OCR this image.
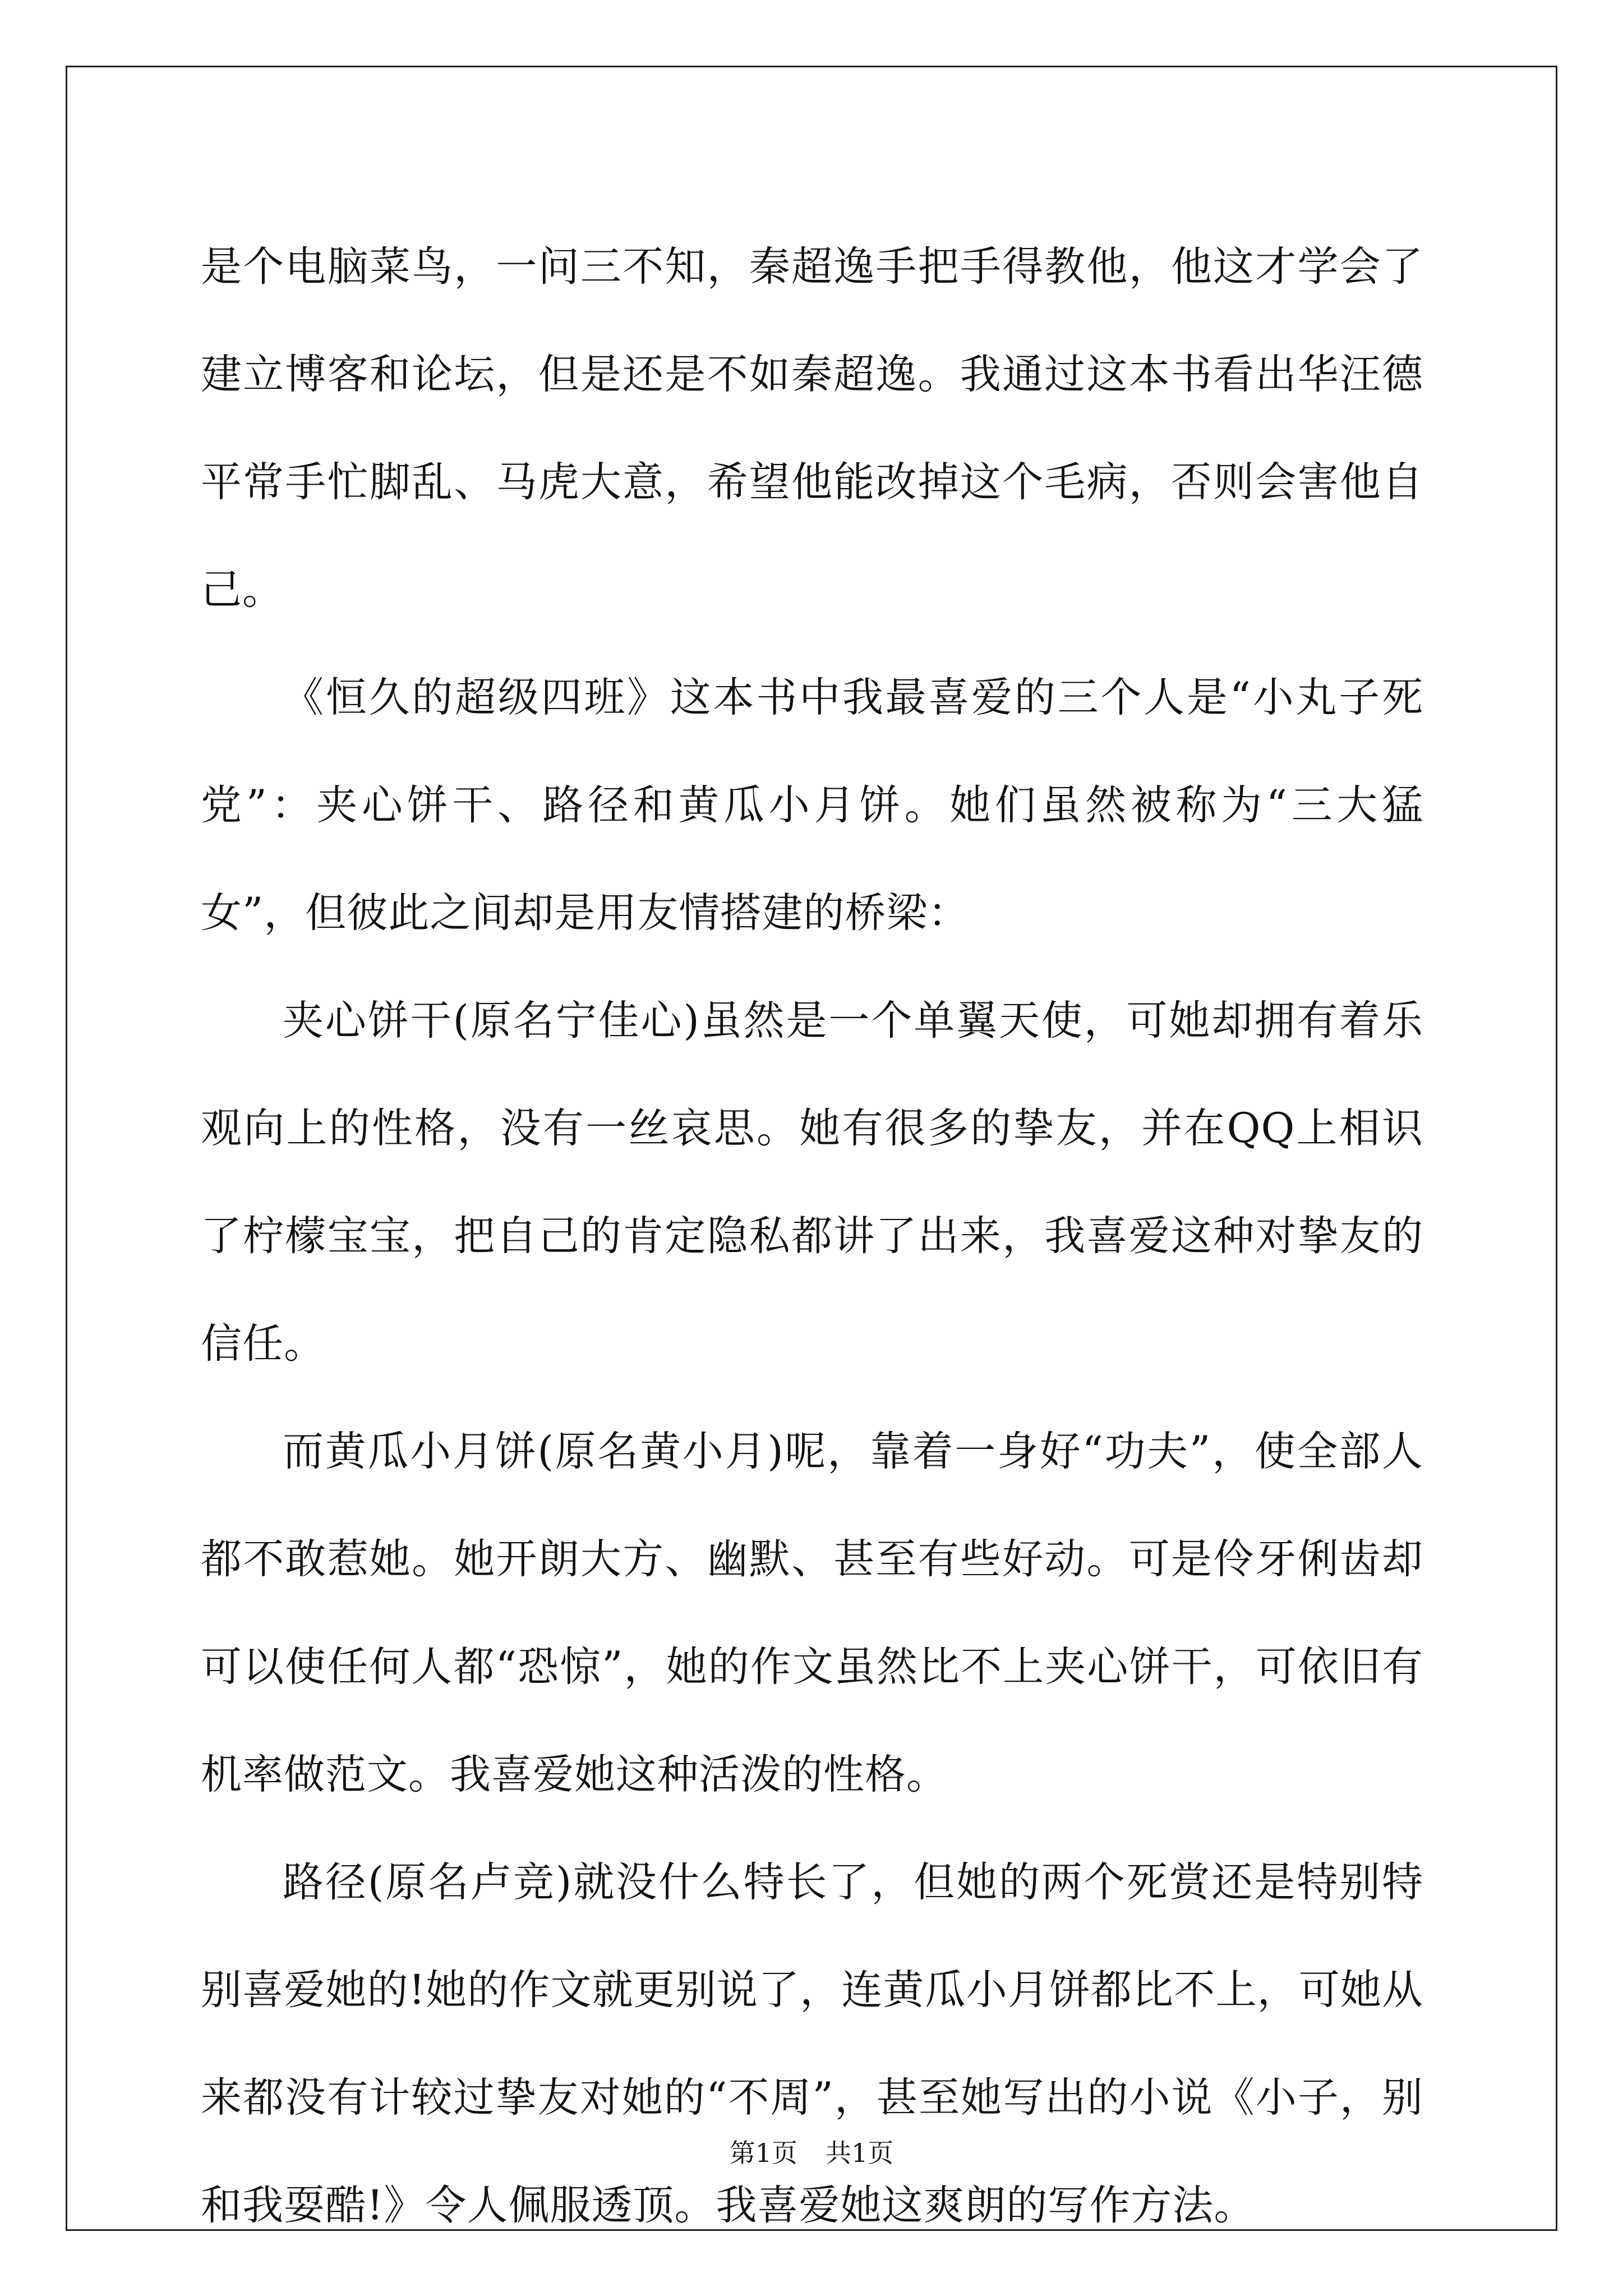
是个电脑菜鸟，一问三不知，秦超逸手把手得教他，他这才学会了建立博客和论坛，但是还是不如秦超逸。我通过这本书看出华汪德平常手忙脚乱、马虎大意，希望他能改掉这个毛病，否则会害他自己。

《恒久的超级四班》这本书中我最喜爱的三个人是“小丸子死党”：夹心饼干、路径和黄瓜小月饼。她们虽然被称为“三大猛女”，但彼此之间却是用友情搭建的桥梁：

夹心饼干(原名宁佳心)虽然是一个单翼天使，可她却拥有着乐观向上的性格，没有一丝哀思。她有很多的挚友，并在QQ上相识了柠檬宝宝，把自己的肯定隐私都讲了出来，我喜爱这种对挚友的信任。

而黄瓜小月饼(原名黄小月)呢，靠着一身好“功夫”，使全部人都不敢惹她。她开朗大方、幽默、甚至有些好动。可是伶牙俐齿却可以使任何人都“恐惊”，她的作文虽然比不上夹心饼干，可依旧有机率做范文。我喜爱她这种活泼的性格。

路径(原名卢竞)就没什么特长了，但她的两个死赏还是特别特别喜爱她的!她的作文就更别说了，连黄瓜小月饼都比不上，可她从来都没有计较过挚友对她的“不周”，甚至她写出的小说《小子，别和我耍酷!》令人佩服透顶。我喜爱她这爽朗的写作方法。

第1页 共1页
